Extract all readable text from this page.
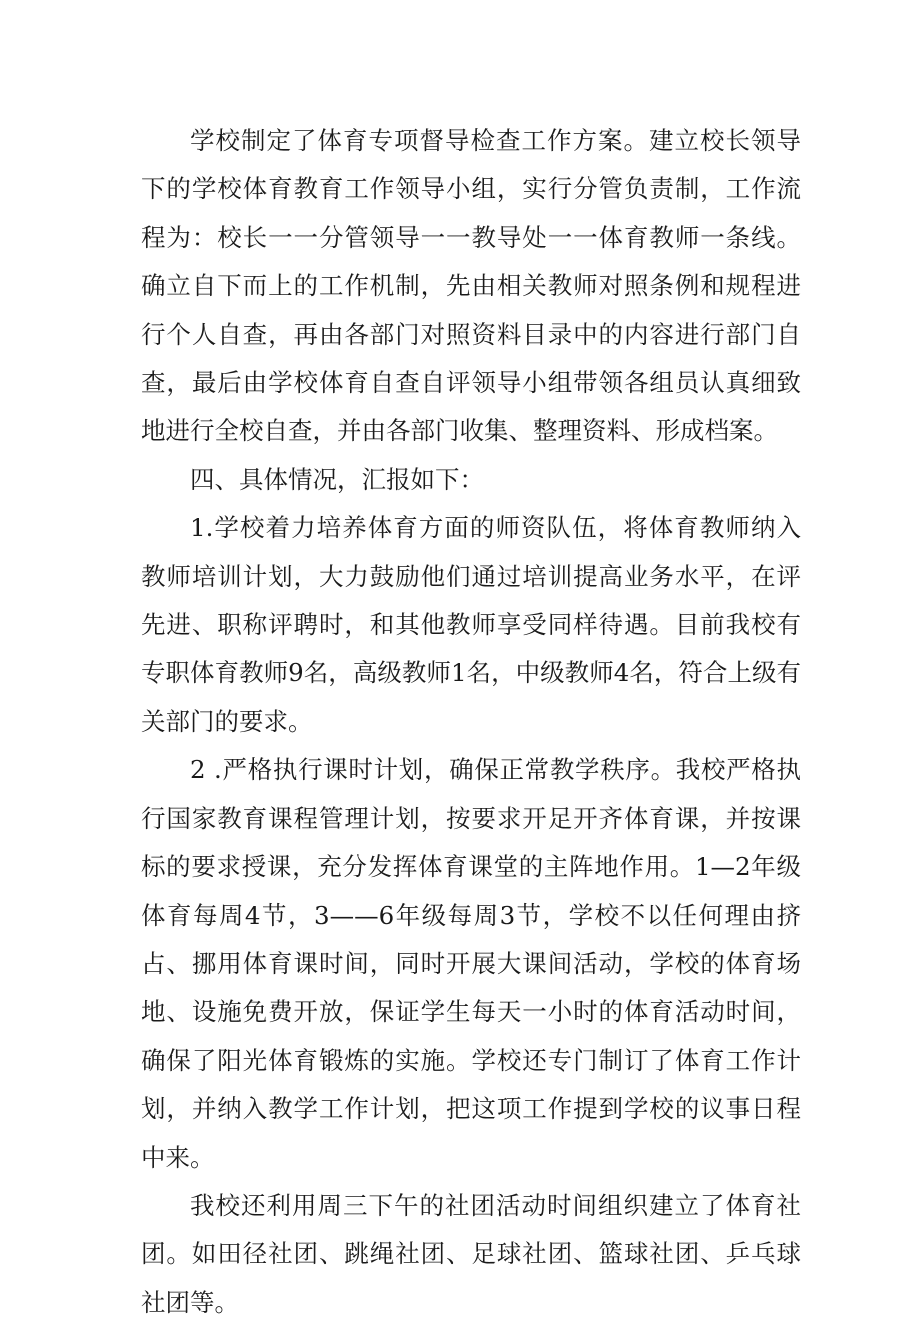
学校制定了体育专项督导检查工作方案。建立校长领导下的学校体育教育工作领导小组，实行分管负责制，工作流程为：校长一一分管领导一一教导处一一体育教师一条线。确立自下而上的工作机制，先由相关教师对照条例和规程进行个人自查，再由各部门对照资料目录中的内容进行部门自查，最后由学校体育自查自评领导小组带领各组员认真细致地进行全校自查，并由各部门收集、整理资料、形成档案。

四、具体情况，汇报如下：

1.学校着力培养体育方面的师资队伍，将体育教师纳入教师培训计划，大力鼓励他们通过培训提高业务水平，在评先进、职称评聘时，和其他教师享受同样待遇。目前我校有专职体育教师9名，高级教师1名，中级教师4名，符合上级有关部门的要求。

2 .严格执行课时计划，确保正常教学秩序。我校严格执行国家教育课程管理计划，按要求开足开齐体育课，并按课标的要求授课，充分发挥体育课堂的主阵地作用。1—2年级体育每周4节，3——6年级每周3节，学校不以任何理由挤占、挪用体育课时间，同时开展大课间活动，学校的体育场地、设施免费开放，保证学生每天一小时的体育活动时间，确保了阳光体育锻炼的实施。学校还专门制订了体育工作计划，并纳入教学工作计划，把这项工作提到学校的议事日程中来。

我校还利用周三下午的社团活动时间组织建立了体育社团。如田径社团、跳绳社团、足球社团、篮球社团、乒乓球社团等。
